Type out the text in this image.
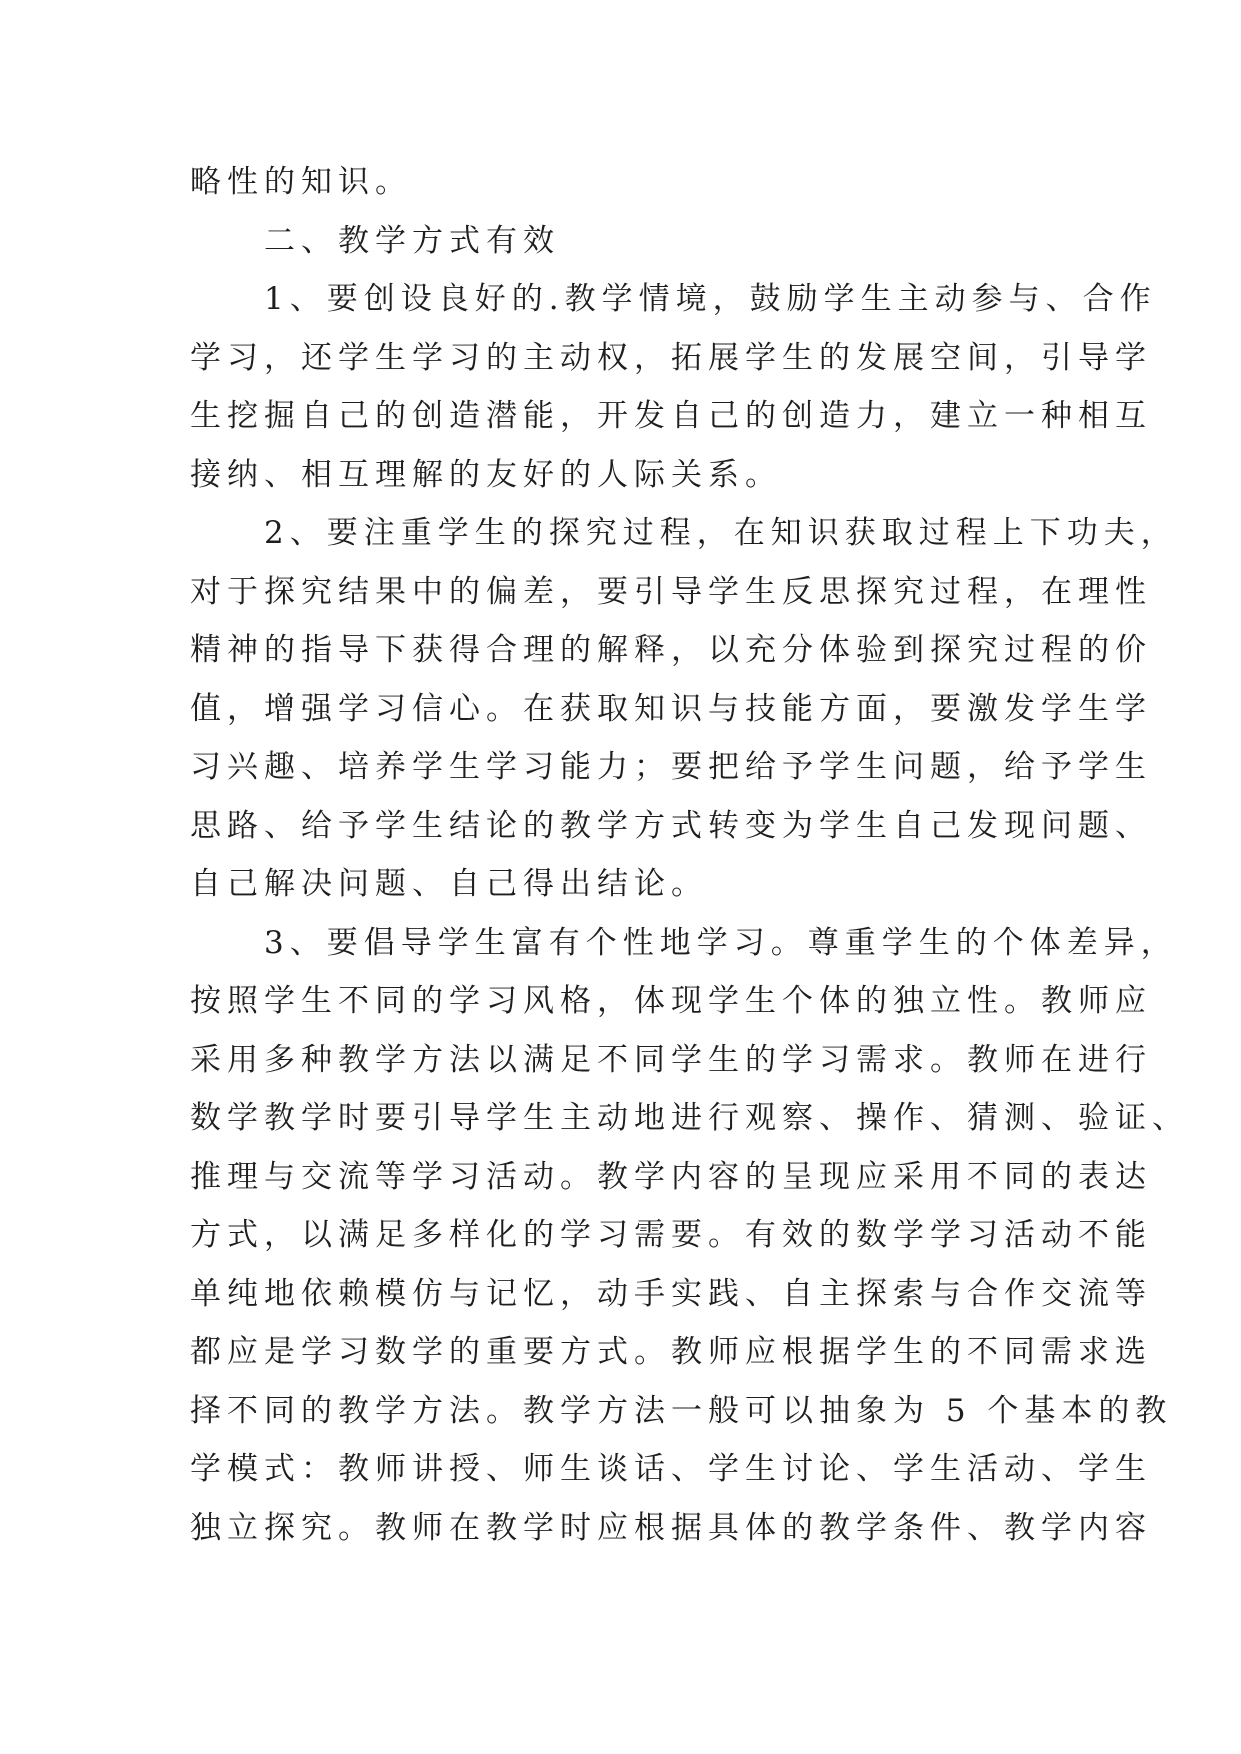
略性的知识。
二、教学方式有效
1、要创设良好的.教学情境，鼓励学生主动参与、合作
学习，还学生学习的主动权，拓展学生的发展空间，引导学
生挖掘自己的创造潜能，开发自己的创造力，建立一种相互
接纳、相互理解的友好的人际关系。
2、要注重学生的探究过程，在知识获取过程上下功夫，
对于探究结果中的偏差，要引导学生反思探究过程，在理性
精神的指导下获得合理的解释，以充分体验到探究过程的价
值，增强学习信心。在获取知识与技能方面，要激发学生学
习兴趣、培养学生学习能力；要把给予学生问题，给予学生
思路、给予学生结论的教学方式转变为学生自己发现问题、
自己解决问题、自己得出结论。
3、要倡导学生富有个性地学习。尊重学生的个体差异，
按照学生不同的学习风格，体现学生个体的独立性。教师应
采用多种教学方法以满足不同学生的学习需求。教师在进行
数学教学时要引导学生主动地进行观察、操作、猜测、验证、
推理与交流等学习活动。教学内容的呈现应采用不同的表达
方式，以满足多样化的学习需要。有效的数学学习活动不能
单纯地依赖模仿与记忆，动手实践、自主探索与合作交流等
都应是学习数学的重要方式。教师应根据学生的不同需求选
择不同的教学方法。教学方法一般可以抽象为 5 个基本的教
学模式：教师讲授、师生谈话、学生讨论、学生活动、学生
独立探究。教师在教学时应根据具体的教学条件、教学内容
